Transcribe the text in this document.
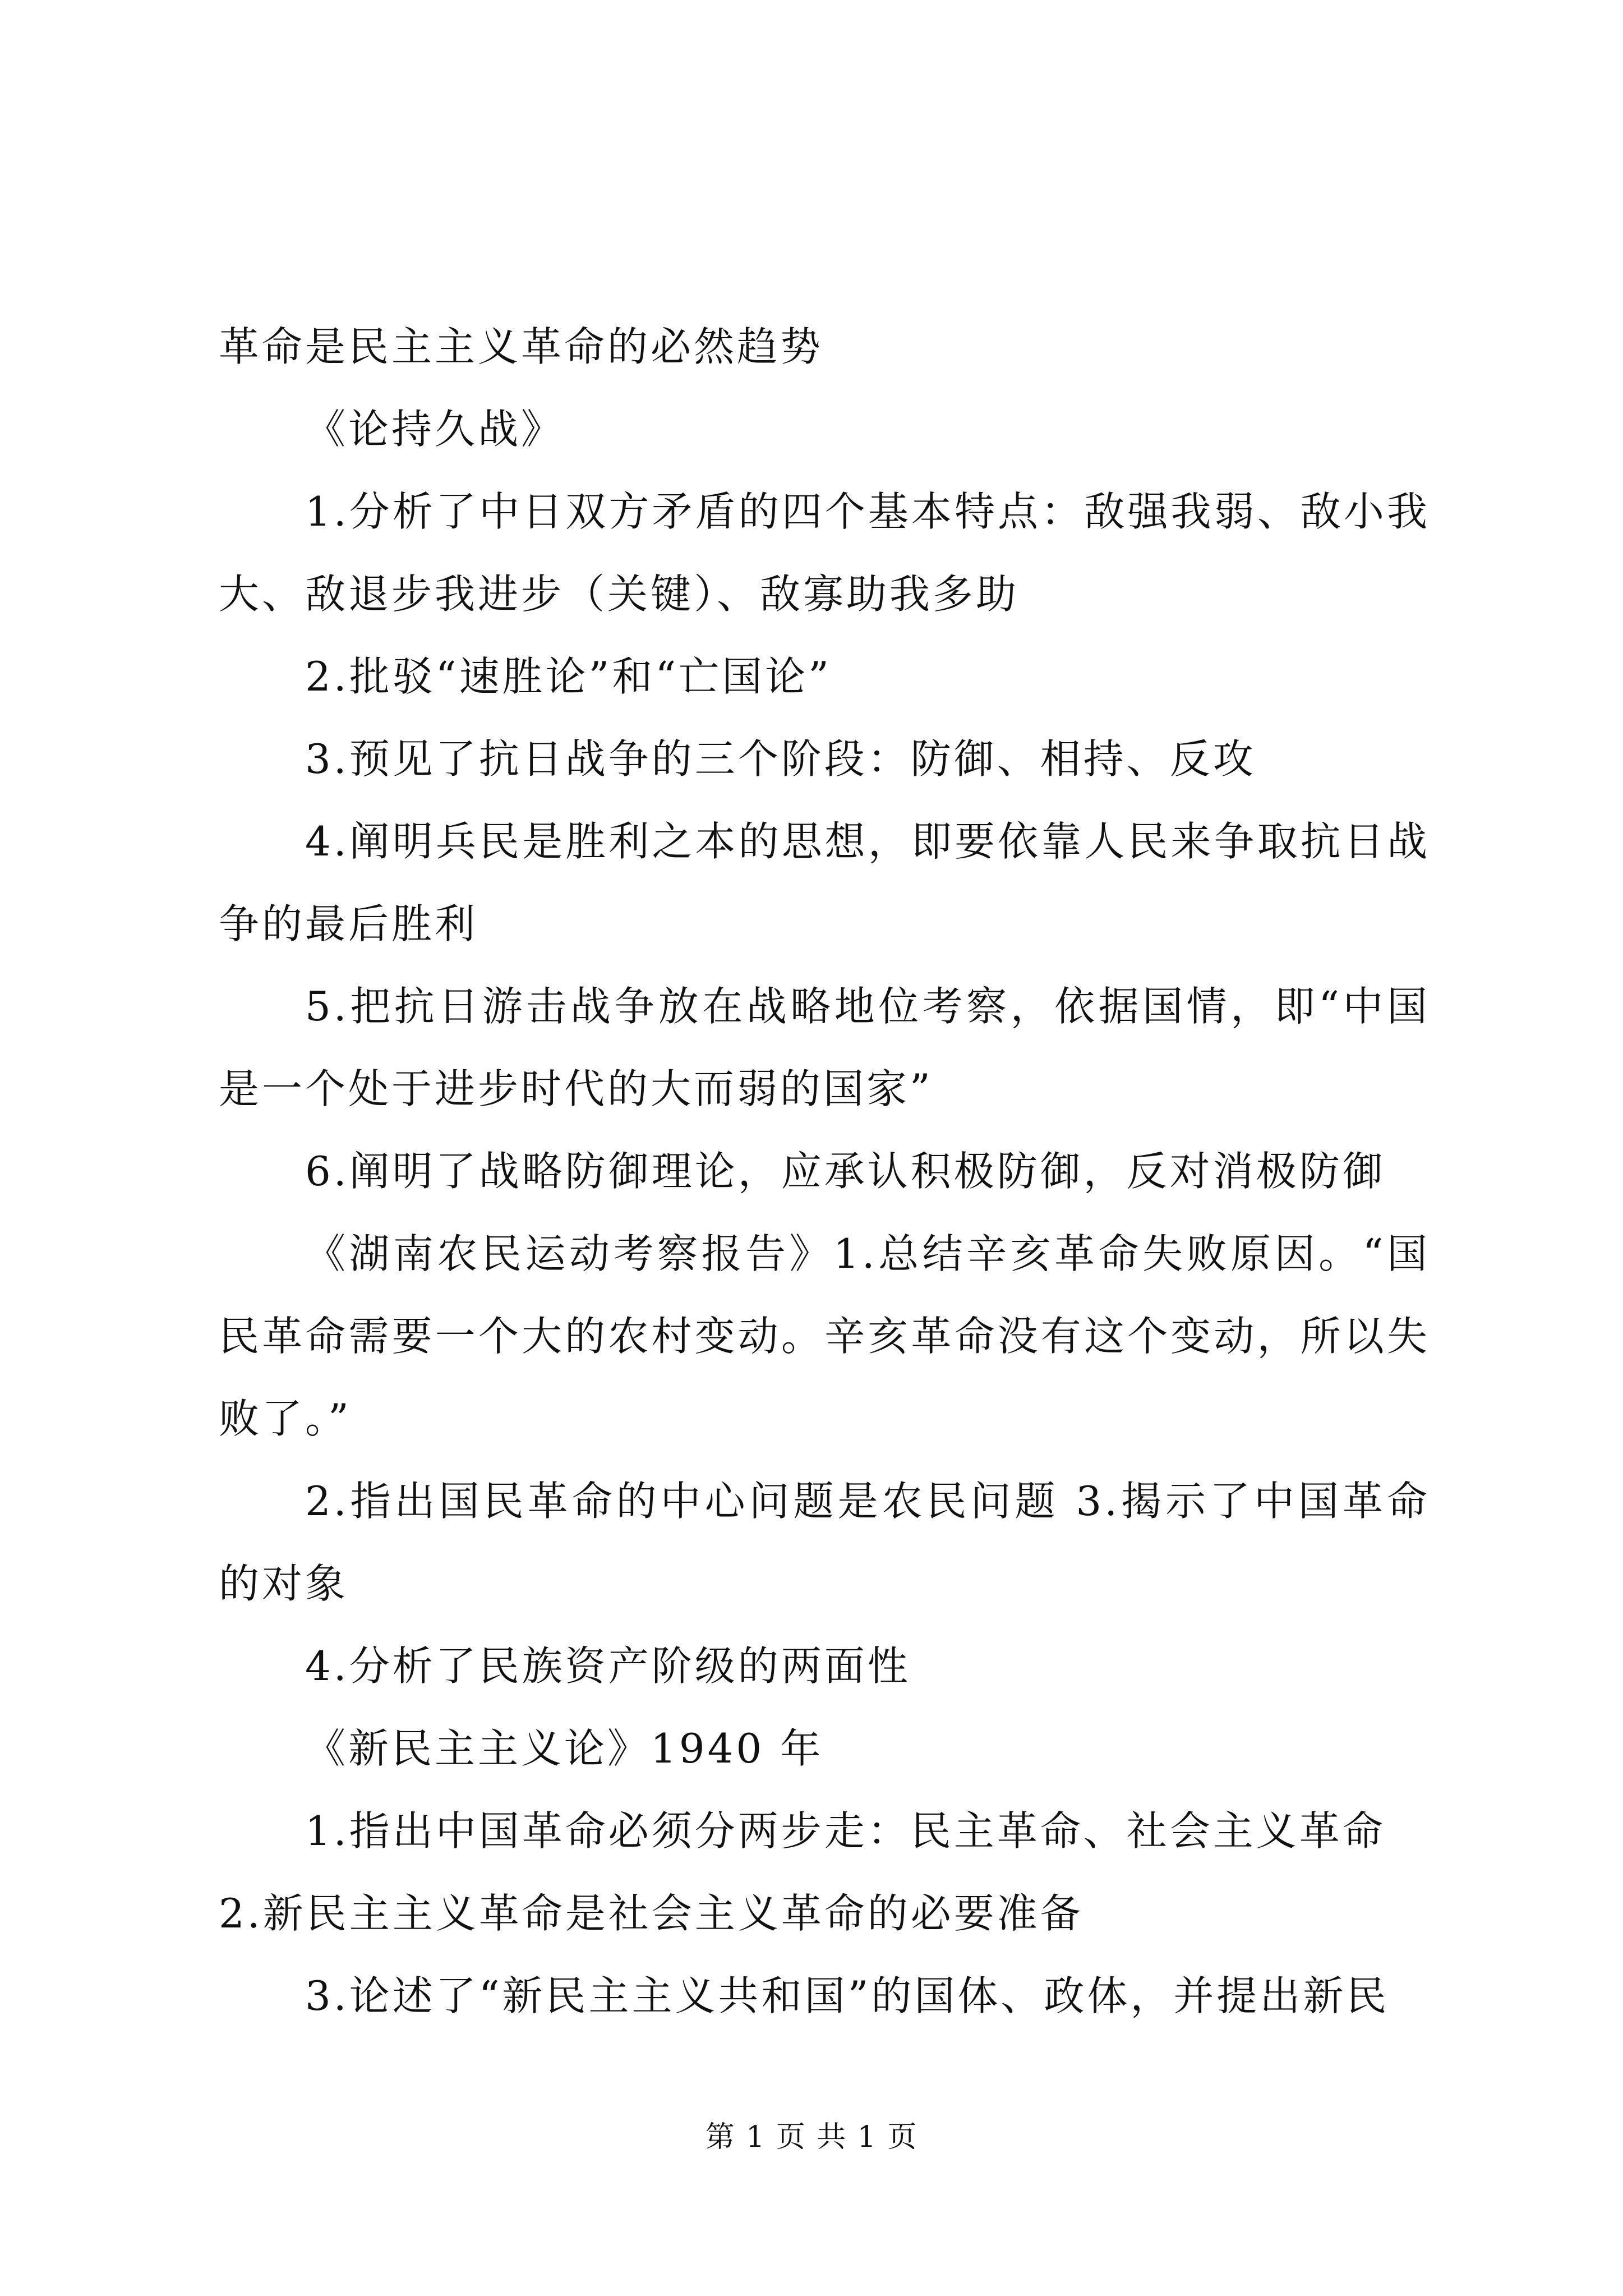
革命是民主主义革命的必然趋势

《论持久战》

1.分析了中日双方矛盾的四个基本特点：敌强我弱、敌小我大、敌退步我进步（关键）、敌寡助我多助

2.批驳“速胜论”和“亡国论”

3.预见了抗日战争的三个阶段：防御、相持、反攻

4.阐明兵民是胜利之本的思想，即要依靠人民来争取抗日战争的最后胜利

5.把抗日游击战争放在战略地位考察，依据国情，即“中国是一个处于进步时代的大而弱的国家”

6.阐明了战略防御理论，应承认积极防御，反对消极防御

《湖南农民运动考察报告》1.总结辛亥革命失败原因。“国民革命需要一个大的农村变动。辛亥革命没有这个变动，所以失败了。”

2.指出国民革命的中心问题是农民问题 3.揭示了中国革命的对象

4.分析了民族资产阶级的两面性

《新民主主义论》1940 年

1.指出中国革命必须分两步走：民主革命、社会主义革命

2.新民主主义革命是社会主义革命的必要准备

3.论述了“新民主主义共和国”的国体、政体，并提出新民

第 1 页 共 1 页
